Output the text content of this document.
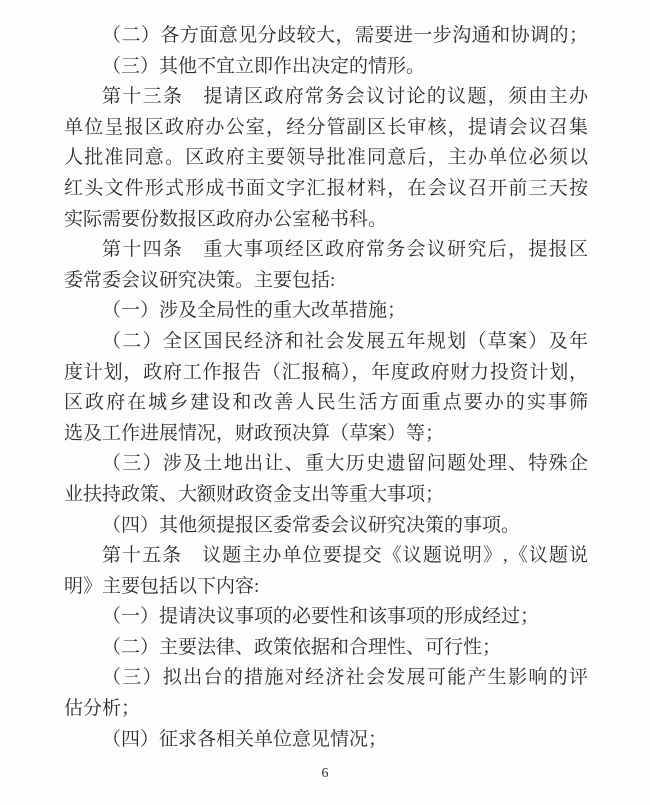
（二）各方面意见分歧较大，需要进一步沟通和协调的；
（三）其他不宜立即作出决定的情形。
第十三条　提请区政府常务会议讨论的议题，须由主办
单位呈报区政府办公室，经分管副区长审核，提请会议召集
人批准同意。区政府主要领导批准同意后，主办单位必须以
红头文件形式形成书面文字汇报材料，在会议召开前三天按
实际需要份数报区政府办公室秘书科。
第十四条　重大事项经区政府常务会议研究后，提报区
委常委会议研究决策。主要包括:
（一）涉及全局性的重大改革措施；
（二）全区国民经济和社会发展五年规划（草案）及年
度计划，政府工作报告（汇报稿），年度政府财力投资计划，
区政府在城乡建设和改善人民生活方面重点要办的实事筛
选及工作进展情况，财政预决算（草案）等；
（三）涉及土地出让、重大历史遗留问题处理、特殊企
业扶持政策、大额财政资金支出等重大事项；
（四）其他须提报区委常委会议研究决策的事项。
第十五条　议题主办单位要提交《议题说明》,《议题说
明》主要包括以下内容:
（一）提请决议事项的必要性和该事项的形成经过；
（二）主要法律、政策依据和合理性、可行性；
（三）拟出台的措施对经济社会发展可能产生影响的评
估分析；
（四）征求各相关单位意见情况；
6
